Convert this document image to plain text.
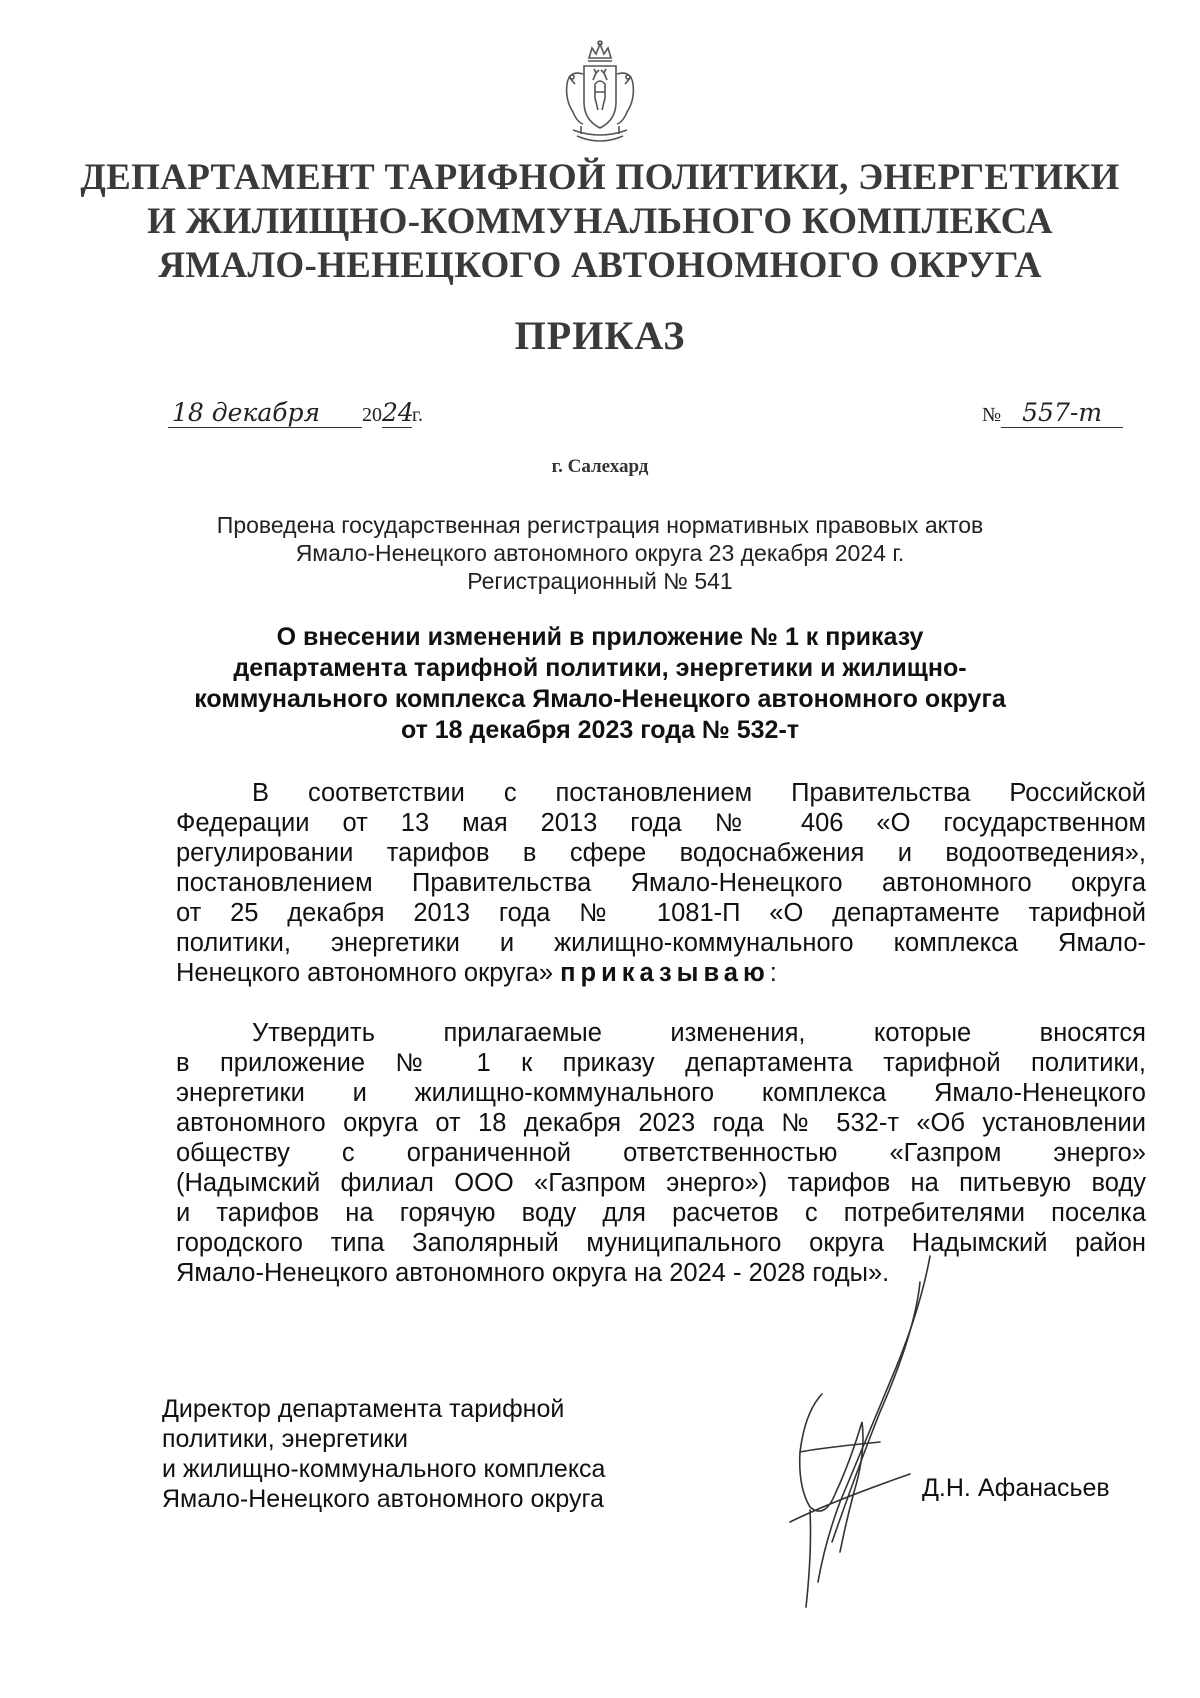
ДЕПАРТАМЕНТ ТАРИФНОЙ ПОЛИТИКИ, ЭНЕРГЕТИКИ
И ЖИЛИЩНО-КОММУНАЛЬНОГО КОМПЛЕКСА
ЯМАЛО-НЕНЕЦКОГО АВТОНОМНОГО ОКРУГА
ПРИКАЗ
18 декабря 2024г.	№ 557-т
г. Салехард
Проведена государственная регистрация нормативных правовых актов
Ямало-Ненецкого автономного округа 23 декабря 2024 г.
Регистрационный № 541
О внесении изменений в приложение № 1 к приказу
департамента тарифной политики, энергетики и жилищно-
коммунального комплекса Ямало-Ненецкого автономного округа
от 18 декабря 2023 года № 532-т
В соответствии с постановлением Правительства Российской
Федерации от 13 мая 2013 года № 406 «О государственном
регулировании тарифов в сфере водоснабжения и водоотведения»,
постановлением Правительства Ямало-Ненецкого автономного округа
от 25 декабря 2013 года № 1081-П «О департаменте тарифной
политики, энергетики и жилищно-коммунального комплекса Ямало-
Ненецкого автономного округа» приказываю:
Утвердить прилагаемые изменения, которые вносятся
в приложение № 1 к приказу департамента тарифной политики,
энергетики и жилищно-коммунального комплекса Ямало-Ненецкого
автономного округа от 18 декабря 2023 года № 532-т «Об установлении
обществу с ограниченной ответственностью «Газпром энерго»
(Надымский филиал ООО «Газпром энерго») тарифов на питьевую воду
и тарифов на горячую воду для расчетов с потребителями поселка
городского типа Заполярный муниципального округа Надымский район
Ямало-Ненецкого автономного округа на 2024 - 2028 годы».
Директор департамента тарифной
политики, энергетики
и жилищно-коммунального комплекса
Ямало-Ненецкого автономного округа	Д.Н. Афанасьев
